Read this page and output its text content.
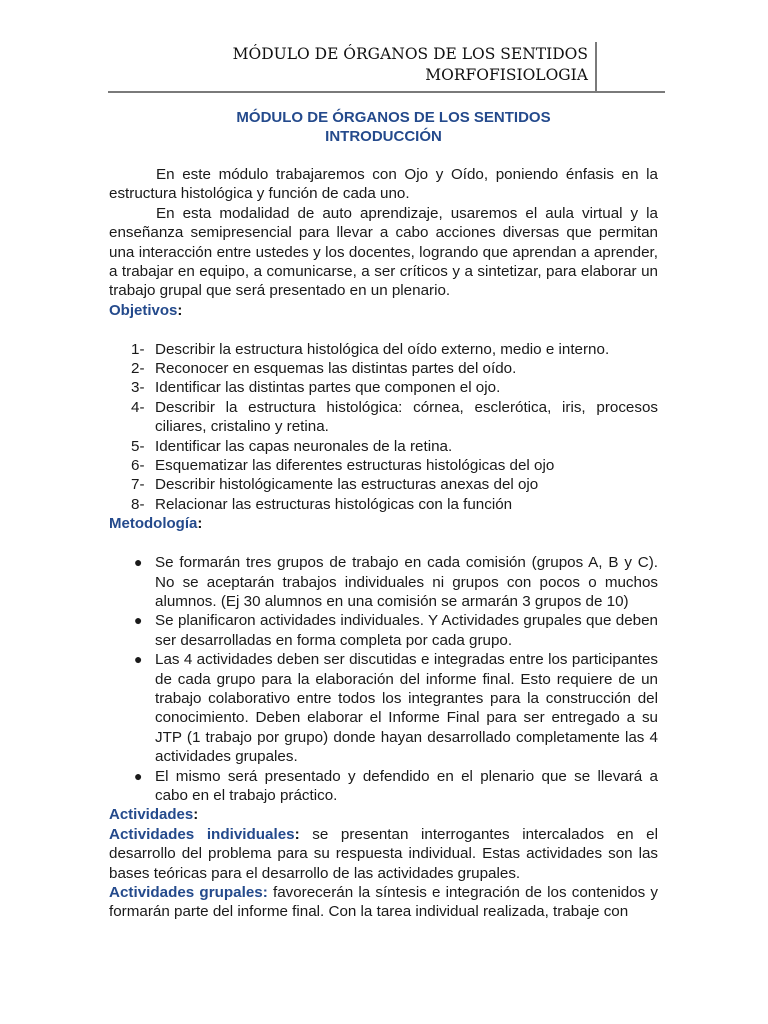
MÓDULO DE ÓRGANOS DE LOS SENTIDOS
MORFOFISIOLOGIA

MÓDULO DE ÓRGANOS DE LOS SENTIDOS

INTRODUCCIÓN

En este módulo trabajaremos con Ojo y Oído, poniendo énfasis en la estructura histológica y función de cada uno.

En esta modalidad de auto aprendizaje, usaremos el aula virtual y la enseñanza semipresencial para llevar a cabo acciones diversas que permitan una interacción entre ustedes y los docentes, logrando que aprendan a aprender, a trabajar en equipo, a comunicarse, a ser críticos y a sintetizar, para elaborar un trabajo grupal que será presentado en un plenario.

Objetivos:

1- Describir la estructura histológica del oído externo, medio e interno.
2- Reconocer en esquemas las distintas partes del oído.
3- Identificar las distintas partes que componen el ojo.
4- Describir la estructura histológica: córnea, esclerótica, iris, procesos ciliares, cristalino y retina.
5- Identificar las capas neuronales de la retina.
6- Esquematizar las diferentes estructuras histológicas del ojo
7- Describir histológicamente las estructuras anexas del ojo
8- Relacionar las estructuras histológicas con la función

Metodología:

● Se formarán tres grupos de trabajo en cada comisión (grupos A, B y C). No se aceptarán trabajos individuales ni grupos con pocos o muchos alumnos. (Ej 30 alumnos en una comisión se armarán 3 grupos de 10)
● Se planificaron actividades individuales. Y Actividades grupales que deben ser desarrolladas en forma completa por cada grupo.
● Las 4 actividades deben ser discutidas e integradas entre los participantes de cada grupo para la elaboración del informe final. Esto requiere de un trabajo colaborativo entre todos los integrantes para la construcción del conocimiento. Deben elaborar el Informe Final para ser entregado a su JTP (1 trabajo por grupo) donde hayan desarrollado completamente las 4 actividades grupales.
● El mismo será presentado y defendido en el plenario que se llevará a cabo en el trabajo práctico.

Actividades:

Actividades individuales: se presentan interrogantes intercalados en el desarrollo del problema para su respuesta individual. Estas actividades son las bases teóricas para el desarrollo de las actividades grupales.

Actividades grupales: favorecerán la síntesis e integración de los contenidos y formarán parte del informe final. Con la tarea individual realizada, trabaje con
